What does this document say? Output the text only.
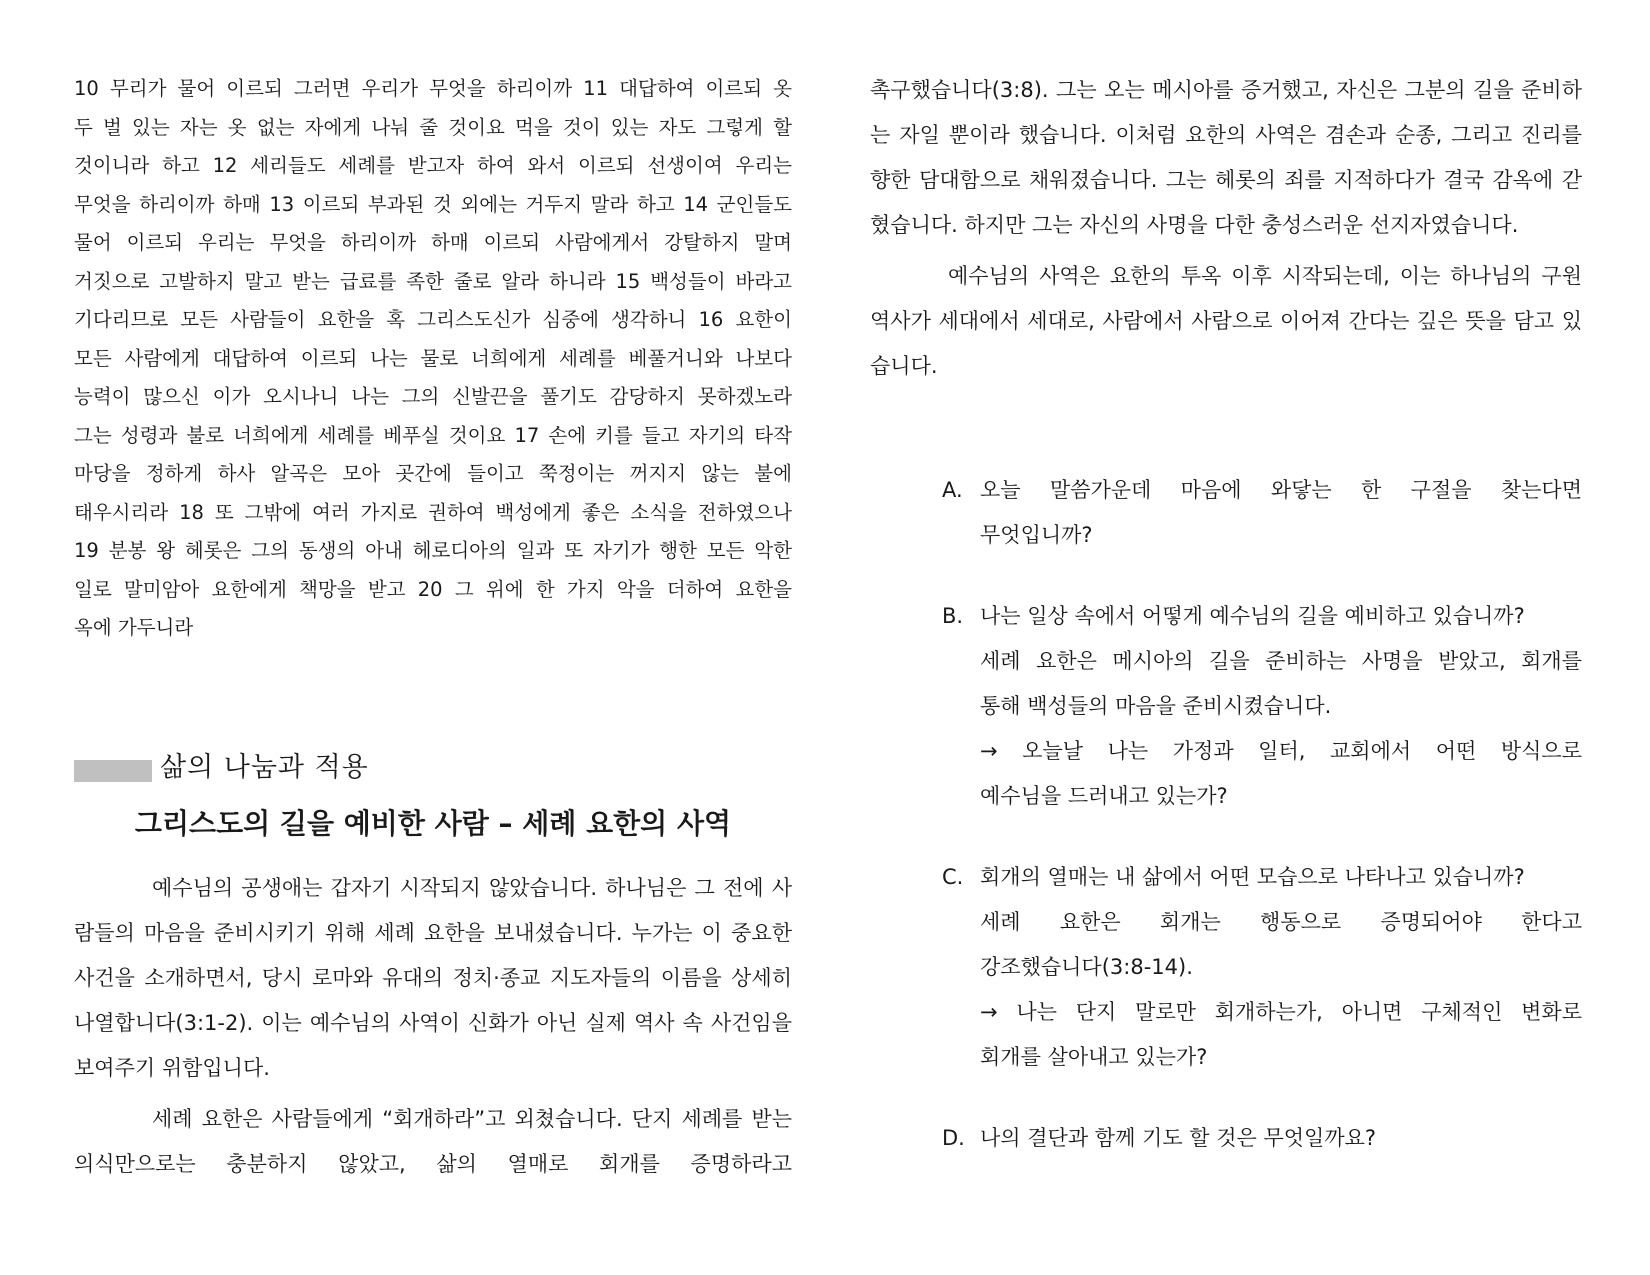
10 무리가 물어 이르되 그러면 우리가 무엇을 하리이까 11 대답하여 이르되 옷

두 벌 있는 자는 옷 없는 자에게 나눠 줄 것이요 먹을 것이 있는 자도 그렇게 할

것이니라 하고 12 세리들도 세례를 받고자 하여 와서 이르되 선생이여 우리는

무엇을 하리이까 하매 13 이르되 부과된 것 외에는 거두지 말라 하고 14 군인들도

물어 이르되 우리는 무엇을 하리이까 하매 이르되 사람에게서 강탈하지 말며

거짓으로 고발하지 말고 받는 급료를 족한 줄로 알라 하니라 15 백성들이 바라고

기다리므로 모든 사람들이 요한을 혹 그리스도신가 심중에 생각하니 16 요한이

모든 사람에게 대답하여 이르되 나는 물로 너희에게 세례를 베풀거니와 나보다

능력이 많으신 이가 오시나니 나는 그의 신발끈을 풀기도 감당하지 못하겠노라

그는 성령과 불로 너희에게 세례를 베푸실 것이요 17 손에 키를 들고 자기의 타작

마당을 정하게 하사 알곡은 모아 곳간에 들이고 쭉정이는 꺼지지 않는 불에

태우시리라 18 또 그밖에 여러 가지로 권하여 백성에게 좋은 소식을 전하였으나

19 분봉 왕 헤롯은 그의 동생의 아내 헤로디아의 일과 또 자기가 행한 모든 악한

일로 말미암아 요한에게 책망을 받고 20 그 위에 한 가지 악을 더하여 요한을

옥에 가두니라

삶의 나눔과 적용
그리스도의 길을 예비한 사람 – 세례 요한의 사역

예수님의 공생애는 갑자기 시작되지 않았습니다. 하나님은 그 전에 사람들의 마음을 준비시키기 위해 세례 요한을 보내셨습니다. 누가는 이 중요한 사건을 소개하면서, 당시 로마와 유대의 정치·종교 지도자들의 이름을 상세히 나열합니다(3:1-2). 이는 예수님의 사역이 신화가 아닌 실제 역사 속 사건임을 보여주기 위함입니다.

세례 요한은 사람들에게 “회개하라”고 외쳤습니다. 단지 세례를 받는 의식만으로는 충분하지 않았고, 삶의 열매로 회개를 증명하라고

촉구했습니다(3:8). 그는 오는 메시아를 증거했고, 자신은 그분의 길을 준비하는 자일 뿐이라 했습니다. 이처럼 요한의 사역은 겸손과 순종, 그리고 진리를 향한 담대함으로 채워졌습니다. 그는 헤롯의 죄를 지적하다가 결국 감옥에 갇혔습니다. 하지만 그는 자신의 사명을 다한 충성스러운 선지자였습니다.

예수님의 사역은 요한의 투옥 이후 시작되는데, 이는 하나님의 구원 역사가 세대에서 세대로, 사람에서 사람으로 이어져 간다는 깊은 뜻을 담고 있습니다.

A. 오늘 말씀가운데 마음에 와닿는 한 구절을 찾는다면
무엇입니까?
B. 나는 일상 속에서 어떻게 예수님의 길을 예비하고 있습니까?
세례 요한은 메시아의 길을 준비하는 사명을 받았고, 회개를
통해 백성들의 마음을 준비시켰습니다.
→ 오늘날 나는 가정과 일터, 교회에서 어떤 방식으로
예수님을 드러내고 있는가?
C. 회개의 열매는 내 삶에서 어떤 모습으로 나타나고 있습니까?
세례 요한은 회개는 행동으로 증명되어야 한다고
강조했습니다(3:8-14).
→ 나는 단지 말로만 회개하는가, 아니면 구체적인 변화로
회개를 살아내고 있는가?
D. 나의 결단과 함께 기도 할 것은 무엇일까요?
